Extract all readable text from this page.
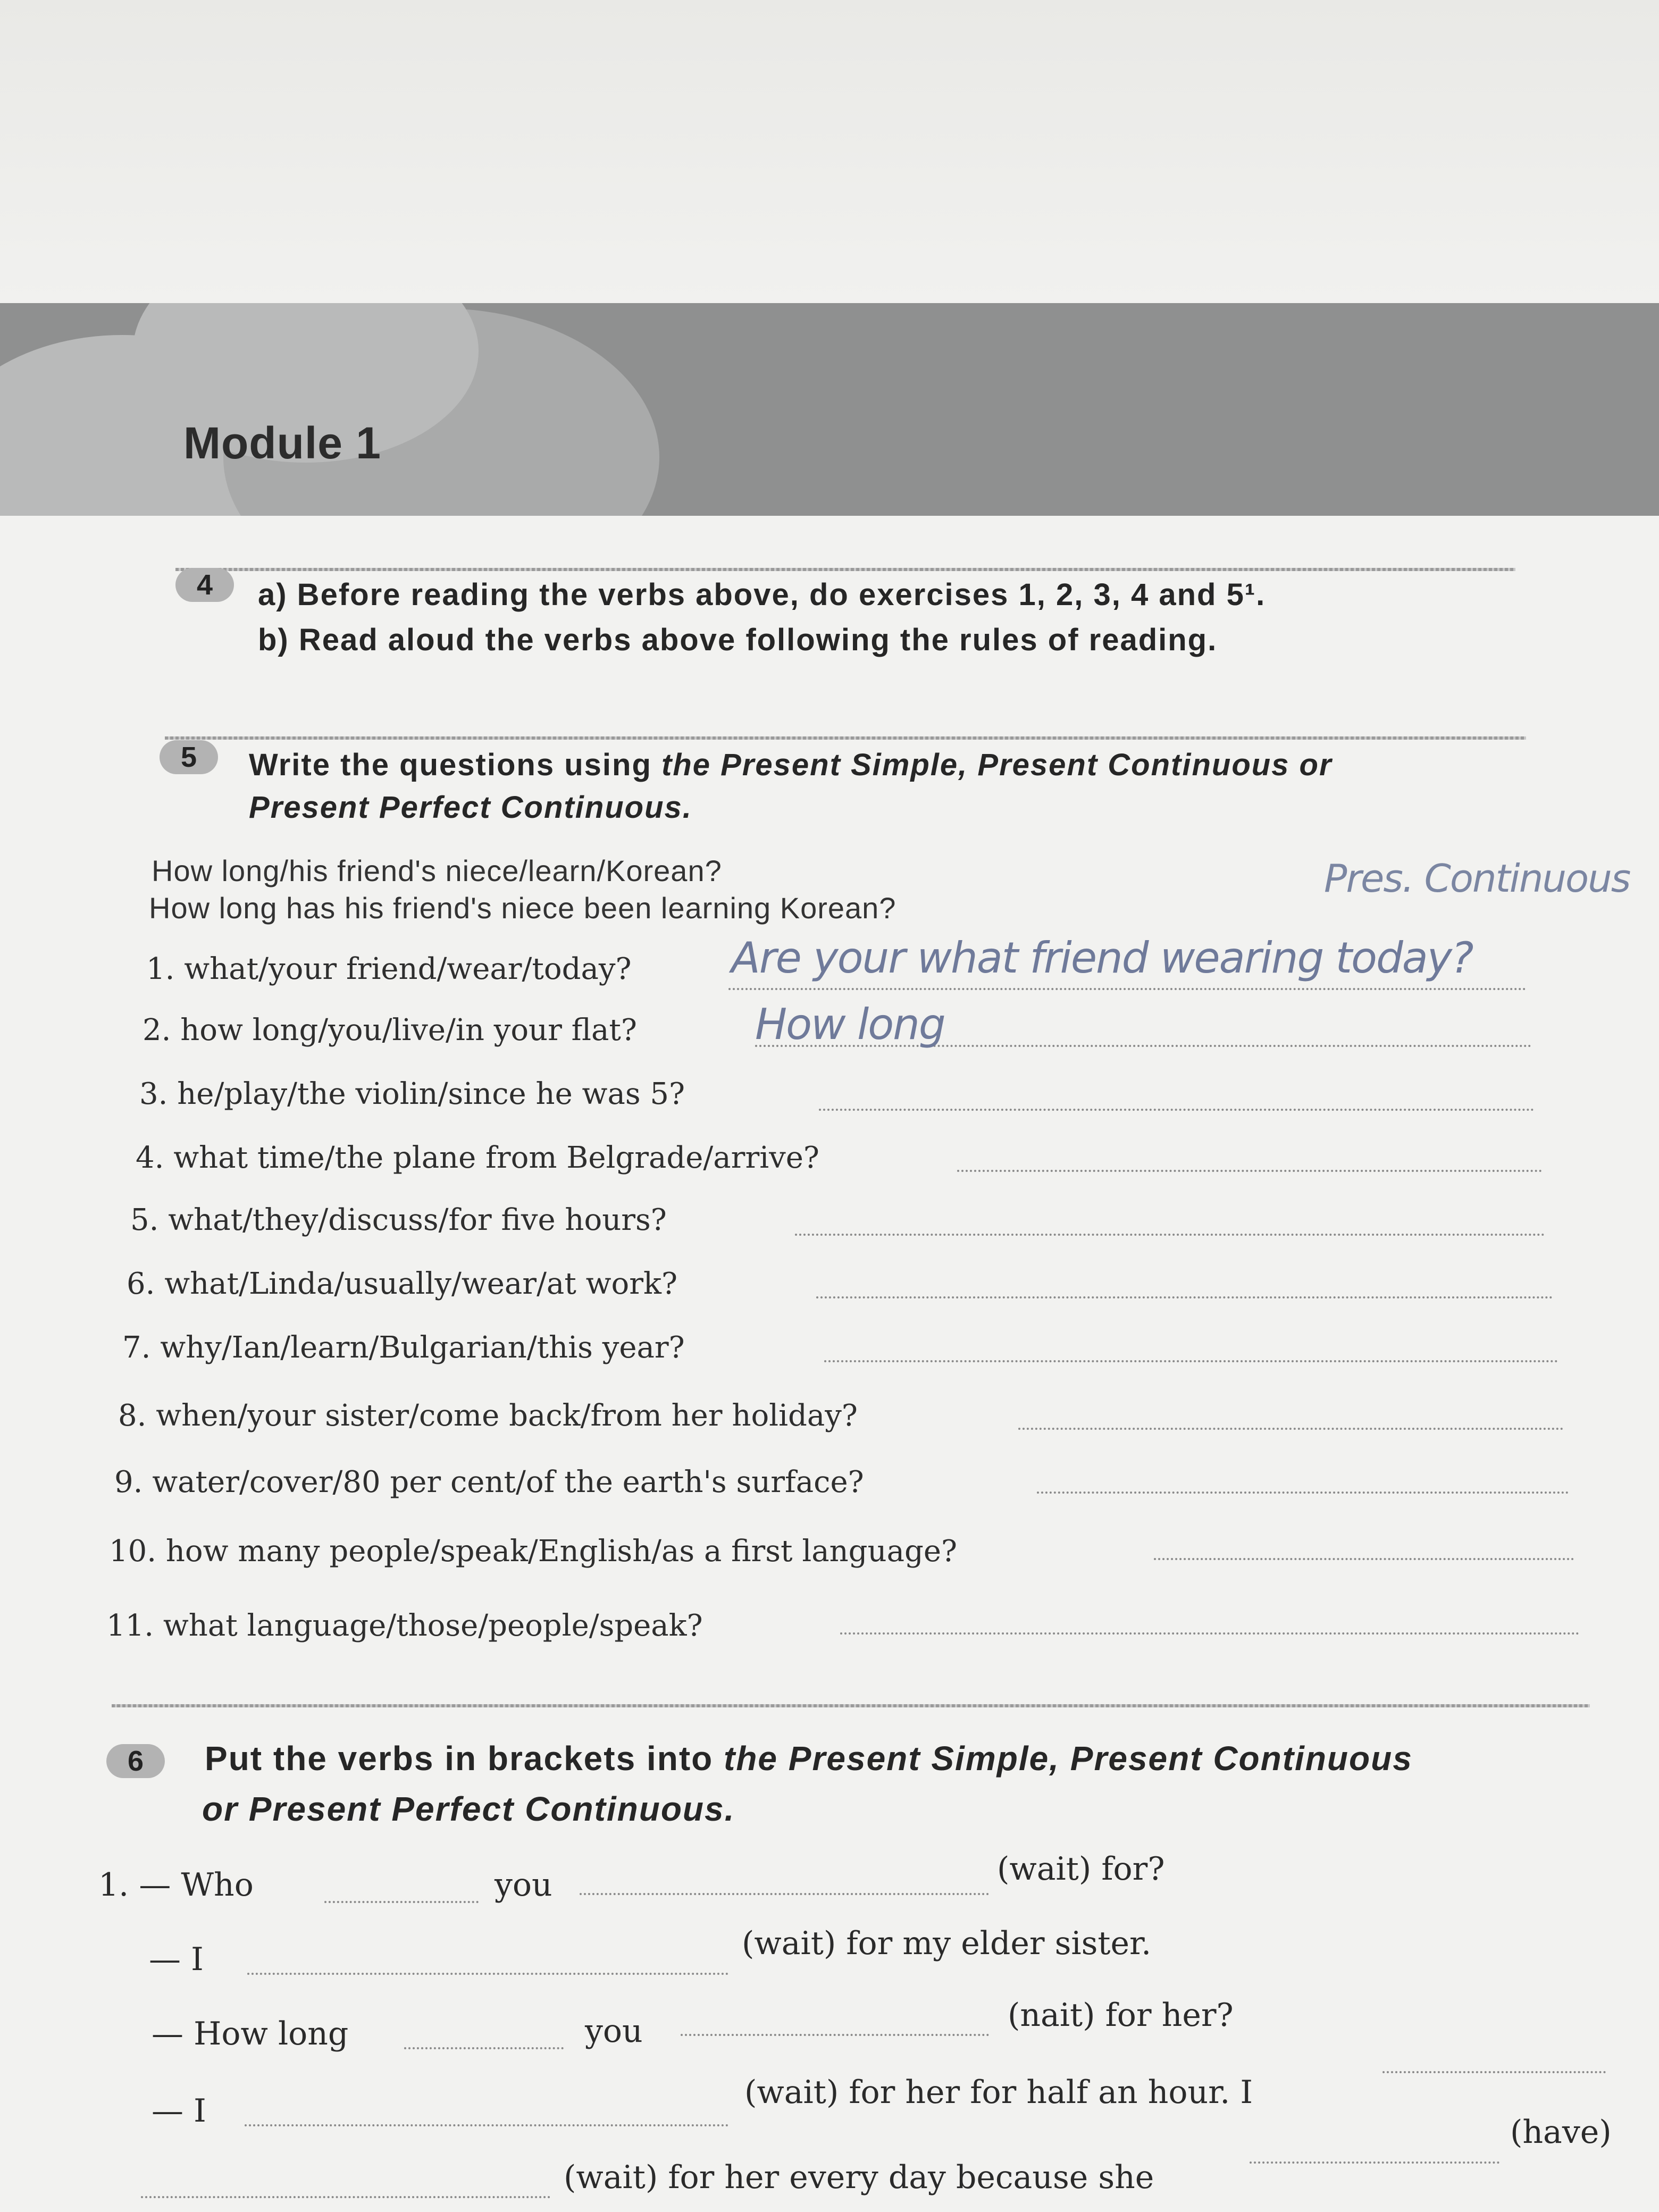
Module 1
4	a) Before reading the verbs above, do exercises 1, 2, 3, 4 and 5¹.
b) Read aloud the verbs above following the rules of reading.
5	Write the questions using the Present Simple, Present Continuous or
Present Perfect Continuous.
How long/his friend's niece/learn/Korean?
How long has his friend's niece been learning Korean?
Pres. Continuous
1. what/your friend/wear/today? Are your what friend wearing today?
2. how long/you/live/in your flat?	How long
3. he/play/the violin/since he was 5?
4. what time/the plane from Belgrade/arrive?
5. what/they/discuss/for five hours?
6. what/Linda/usually/wear/at work?
7. why/Ian/learn/Bulgarian/this year?
8. when/your sister/come back/from her holiday?
9. water/cover/80 per cent/of the earth's surface?
10. how many people/speak/English/as a first language?
11. what language/those/people/speak?
6	Put the verbs in brackets into the Present Simple, Present Continuous
or Present Perfect Continuous.
1. — Who	you	(wait) for?
— I	(wait) for my elder sister.
— How long	you	(nait) for her?
— I	(wait) for her for half an hour. I
(have)
(wait) for her every day because she
